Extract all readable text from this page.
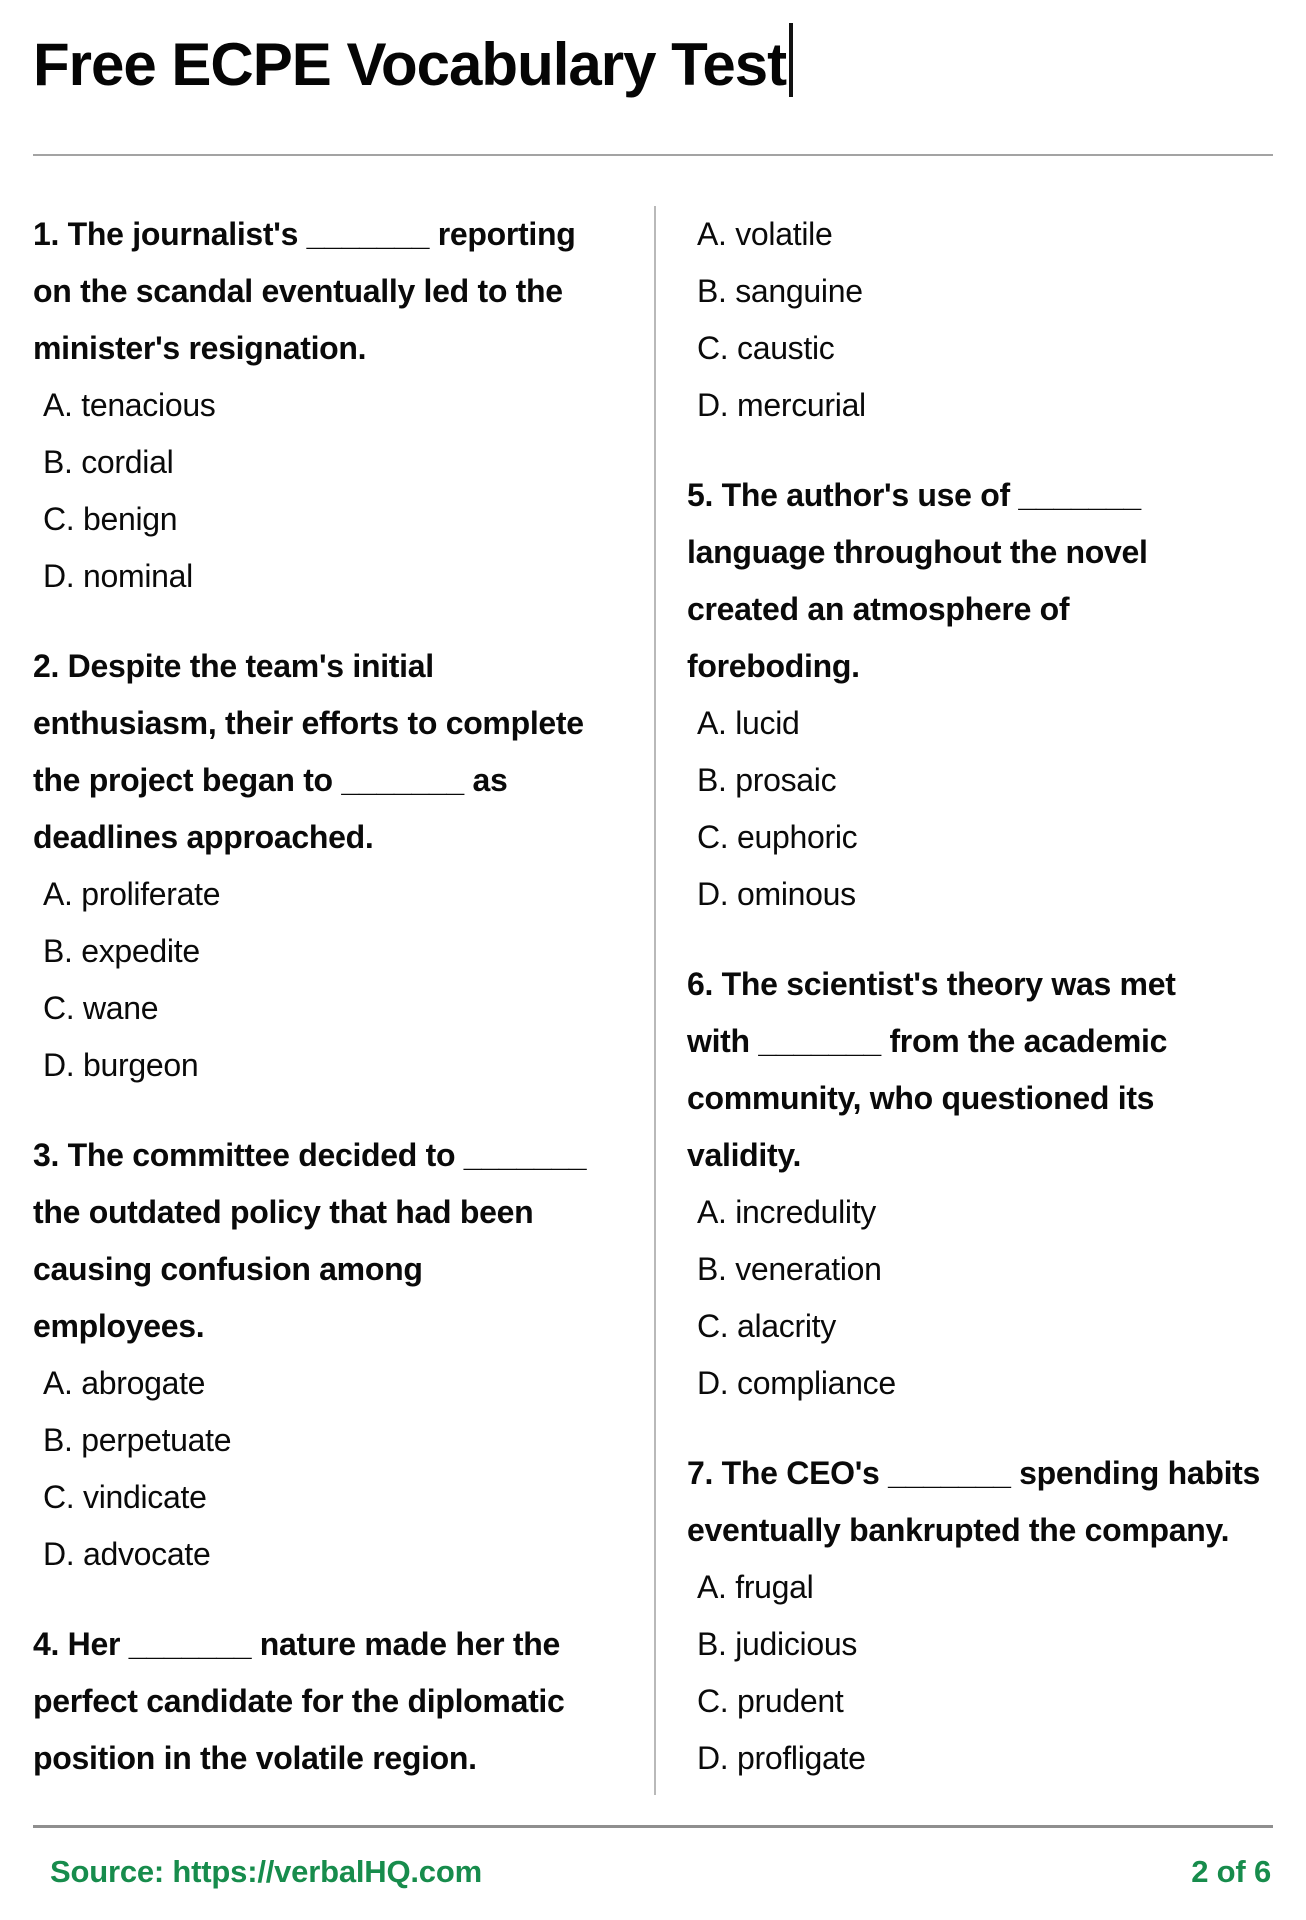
Free ECPE Vocabulary Test
1. The journalist's _______ reporting
on the scandal eventually led to the
minister's resignation.
A. tenacious
B. cordial
C. benign
D. nominal
2. Despite the team's initial
enthusiasm, their efforts to complete
the project began to _______ as
deadlines approached.
A. proliferate
B. expedite
C. wane
D. burgeon
3. The committee decided to _______
the outdated policy that had been
causing confusion among
employees.
A. abrogate
B. perpetuate
C. vindicate
D. advocate
4. Her _______ nature made her the
perfect candidate for the diplomatic
position in the volatile region.
A. volatile
B. sanguine
C. caustic
D. mercurial
5. The author's use of _______
language throughout the novel
created an atmosphere of
foreboding.
A. lucid
B. prosaic
C. euphoric
D. ominous
6. The scientist's theory was met
with _______ from the academic
community, who questioned its
validity.
A. incredulity
B. veneration
C. alacrity
D. compliance
7. The CEO's _______ spending habits
eventually bankrupted the company.
A. frugal
B. judicious
C. prudent
D. profligate
Source: https://verbalHQ.com	2 of 6
